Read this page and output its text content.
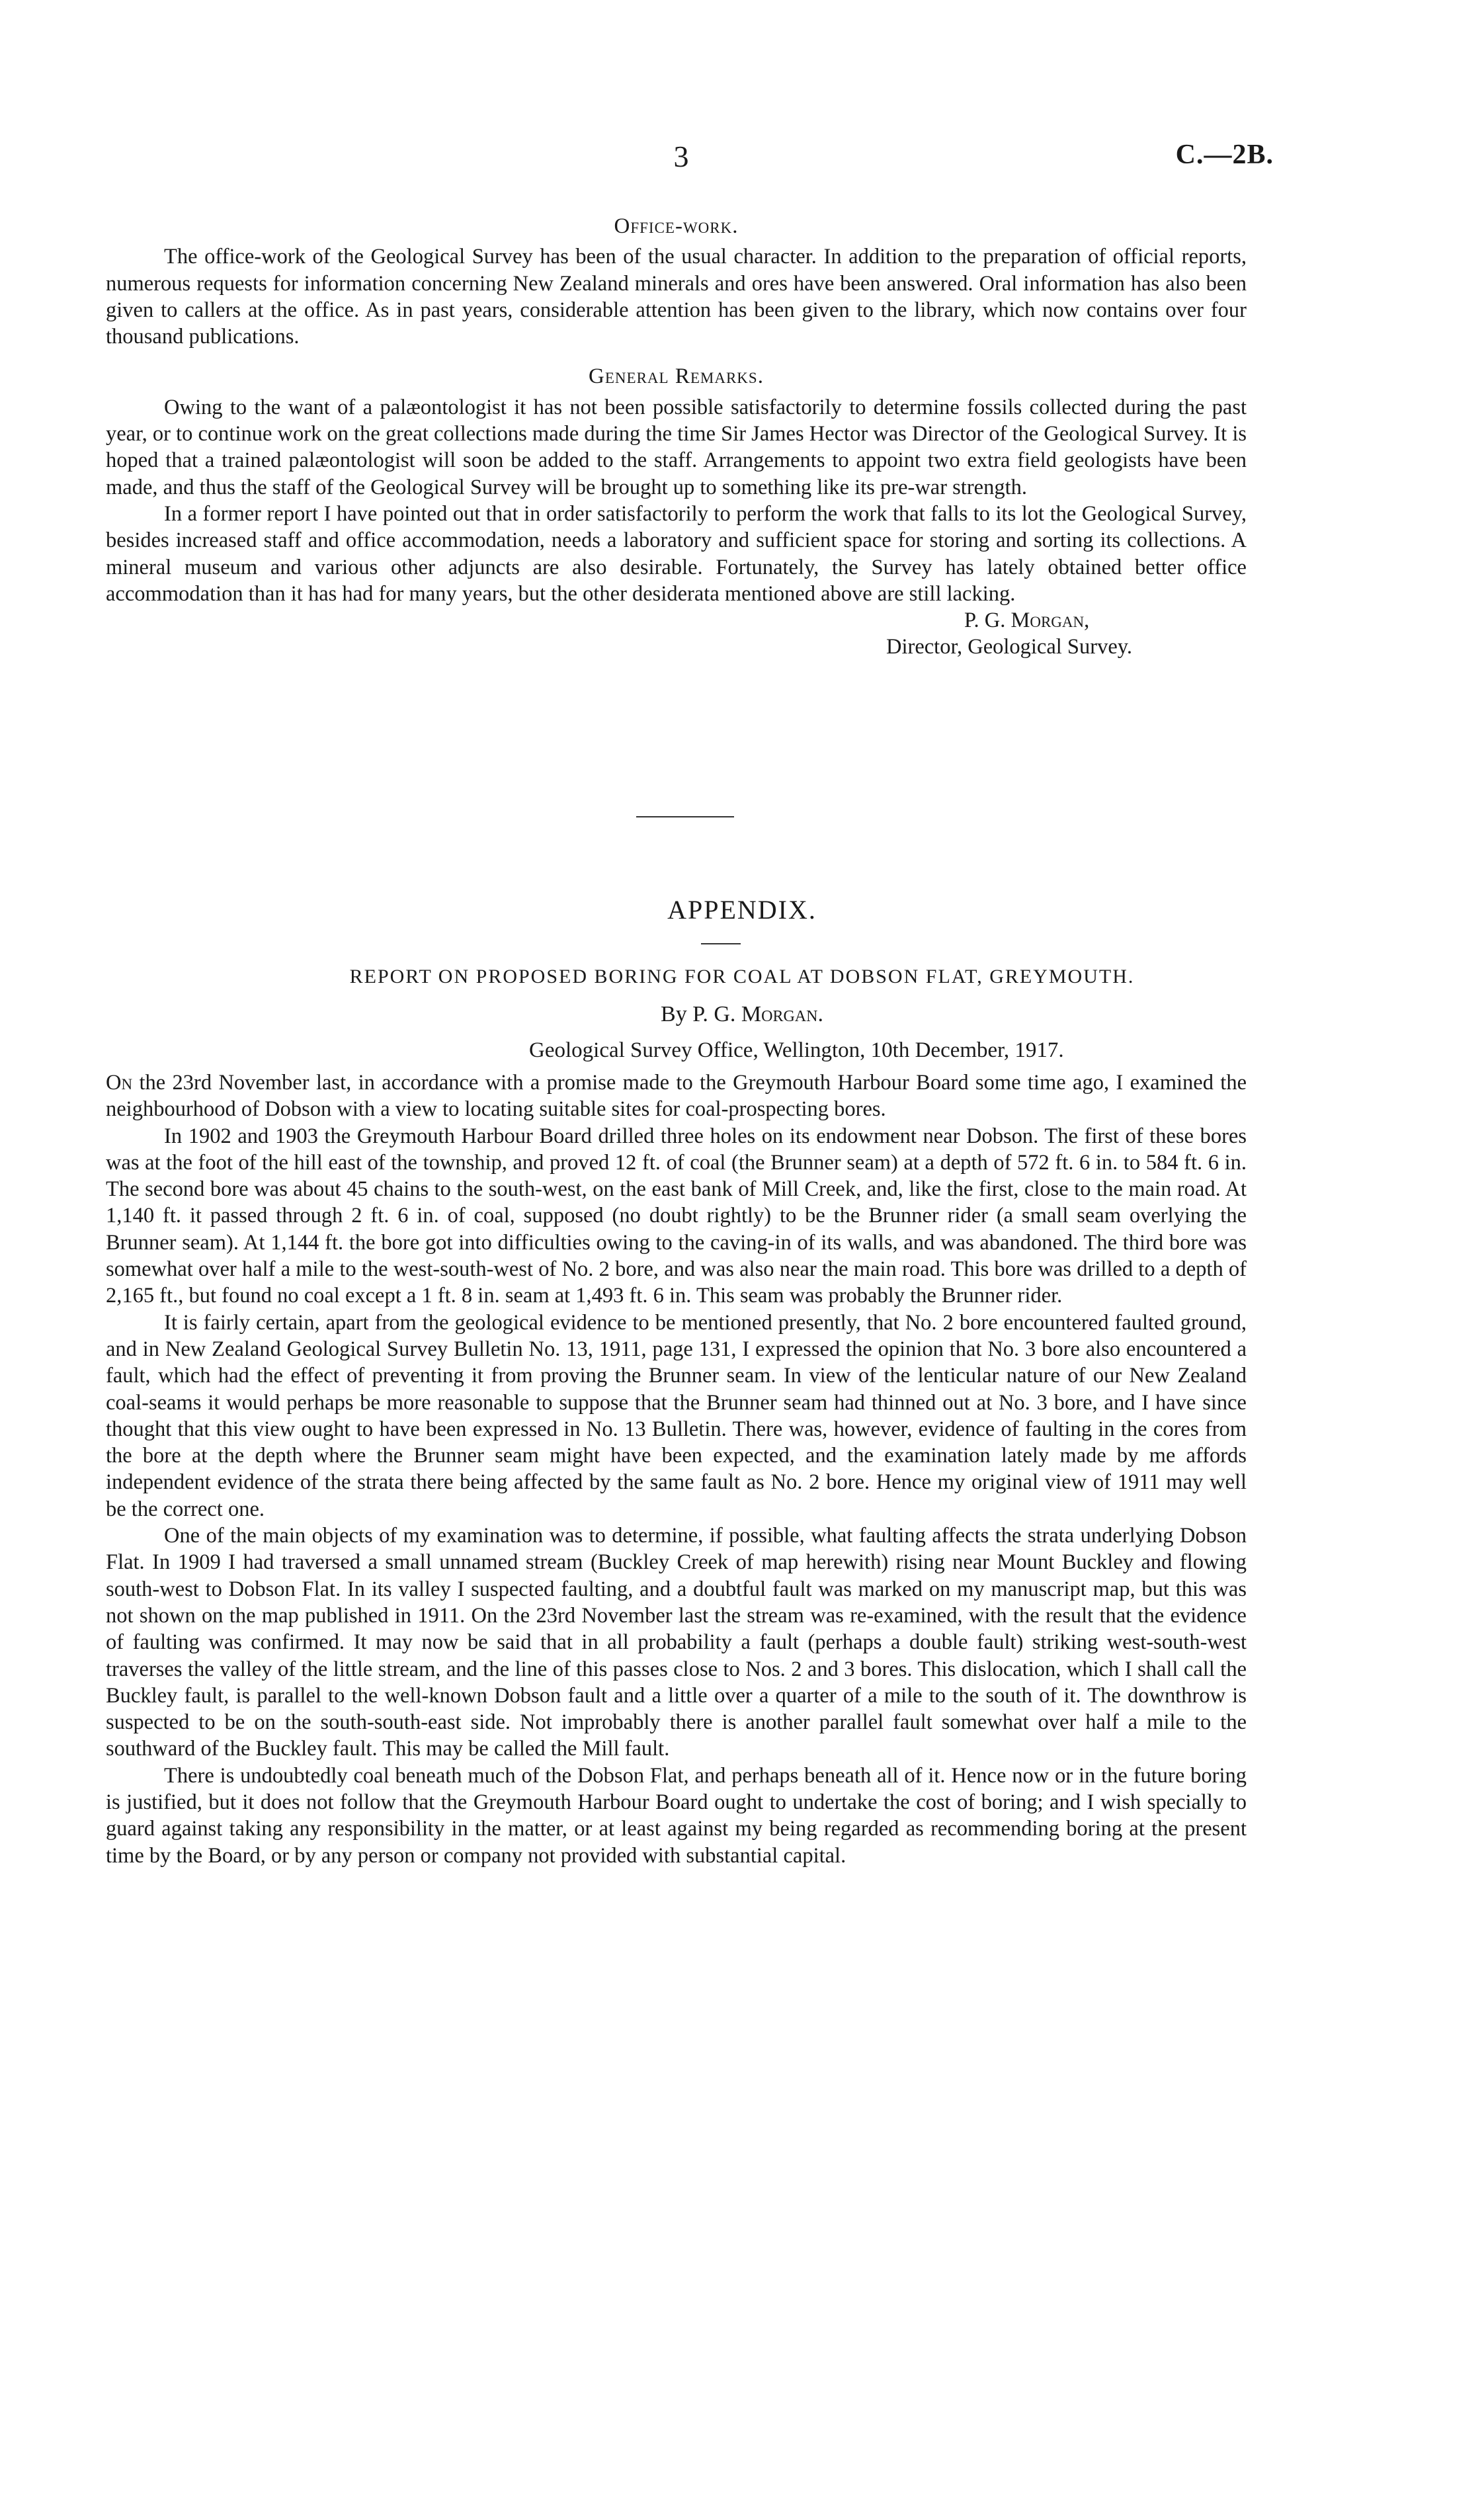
3	C.—2B.
Office-work.

The office-work of the Geological Survey has been of the usual character. In addition to the preparation of official reports, numerous requests for information concerning New Zealand minerals and ores have been answered. Oral information has also been given to callers at the office. As in past years, considerable attention has been given to the library, which now contains over four thousand publications.

General Remarks.

Owing to the want of a palæontologist it has not been possible satisfactorily to determine fossils collected during the past year, or to continue work on the great collections made during the time Sir James Hector was Director of the Geological Survey. It is hoped that a trained palæontologist will soon be added to the staff. Arrangements to appoint two extra field geologists have been made, and thus the staff of the Geological Survey will be brought up to something like its pre-war strength.

In a former report I have pointed out that in order satisfactorily to perform the work that falls to its lot the Geological Survey, besides increased staff and office accommodation, needs a laboratory and sufficient space for storing and sorting its collections. A mineral museum and various other adjuncts are also desirable. Fortunately, the Survey has lately obtained better office accommodation than it has had for many years, but the other desiderata mentioned above are still lacking.

P. G. Morgan,
Director, Geological Survey.
APPENDIX.
REPORT ON PROPOSED BORING FOR COAL AT DOBSON FLAT, GREYMOUTH.
By P. G. Morgan.
Geological Survey Office, Wellington, 10th December, 1917.

On the 23rd November last, in accordance with a promise made to the Greymouth Harbour Board some time ago, I examined the neighbourhood of Dobson with a view to locating suitable sites for coal-prospecting bores.

In 1902 and 1903 the Greymouth Harbour Board drilled three holes on its endowment near Dobson. The first of these bores was at the foot of the hill east of the township, and proved 12 ft. of coal (the Brunner seam) at a depth of 572 ft. 6 in. to 584 ft. 6 in. The second bore was about 45 chains to the south-west, on the east bank of Mill Creek, and, like the first, close to the main road. At 1,140 ft. it passed through 2 ft. 6 in. of coal, supposed (no doubt rightly) to be the Brunner rider (a small seam overlying the Brunner seam). At 1,144 ft. the bore got into difficulties owing to the caving-in of its walls, and was abandoned. The third bore was somewhat over half a mile to the west-south-west of No. 2 bore, and was also near the main road. This bore was drilled to a depth of 2,165 ft., but found no coal except a 1 ft. 8 in. seam at 1,493 ft. 6 in. This seam was probably the Brunner rider.

It is fairly certain, apart from the geological evidence to be mentioned presently, that No. 2 bore encountered faulted ground, and in New Zealand Geological Survey Bulletin No. 13, 1911, page 131, I expressed the opinion that No. 3 bore also encountered a fault, which had the effect of preventing it from proving the Brunner seam. In view of the lenticular nature of our New Zealand coal-seams it would perhaps be more reasonable to suppose that the Brunner seam had thinned out at No. 3 bore, and I have since thought that this view ought to have been expressed in No. 13 Bulletin. There was, however, evidence of faulting in the cores from the bore at the depth where the Brunner seam might have been expected, and the examination lately made by me affords independent evidence of the strata there being affected by the same fault as No. 2 bore. Hence my original view of 1911 may well be the correct one.

One of the main objects of my examination was to determine, if possible, what faulting affects the strata underlying Dobson Flat. In 1909 I had traversed a small unnamed stream (Buckley Creek of map herewith) rising near Mount Buckley and flowing south-west to Dobson Flat. In its valley I suspected faulting, and a doubtful fault was marked on my manuscript map, but this was not shown on the map published in 1911. On the 23rd November last the stream was re-examined, with the result that the evidence of faulting was confirmed. It may now be said that in all probability a fault (perhaps a double fault) striking west-south-west traverses the valley of the little stream, and the line of this passes close to Nos. 2 and 3 bores. This dislocation, which I shall call the Buckley fault, is parallel to the well-known Dobson fault and a little over a quarter of a mile to the south of it. The downthrow is suspected to be on the south-south-east side. Not improbably there is another parallel fault somewhat over half a mile to the southward of the Buckley fault. This may be called the Mill fault.

There is undoubtedly coal beneath much of the Dobson Flat, and perhaps beneath all of it. Hence now or in the future boring is justified, but it does not follow that the Greymouth Harbour Board ought to undertake the cost of boring; and I wish specially to guard against taking any responsibility in the matter, or at least against my being regarded as recommending boring at the present time by the Board, or by any person or company not provided with substantial capital.
